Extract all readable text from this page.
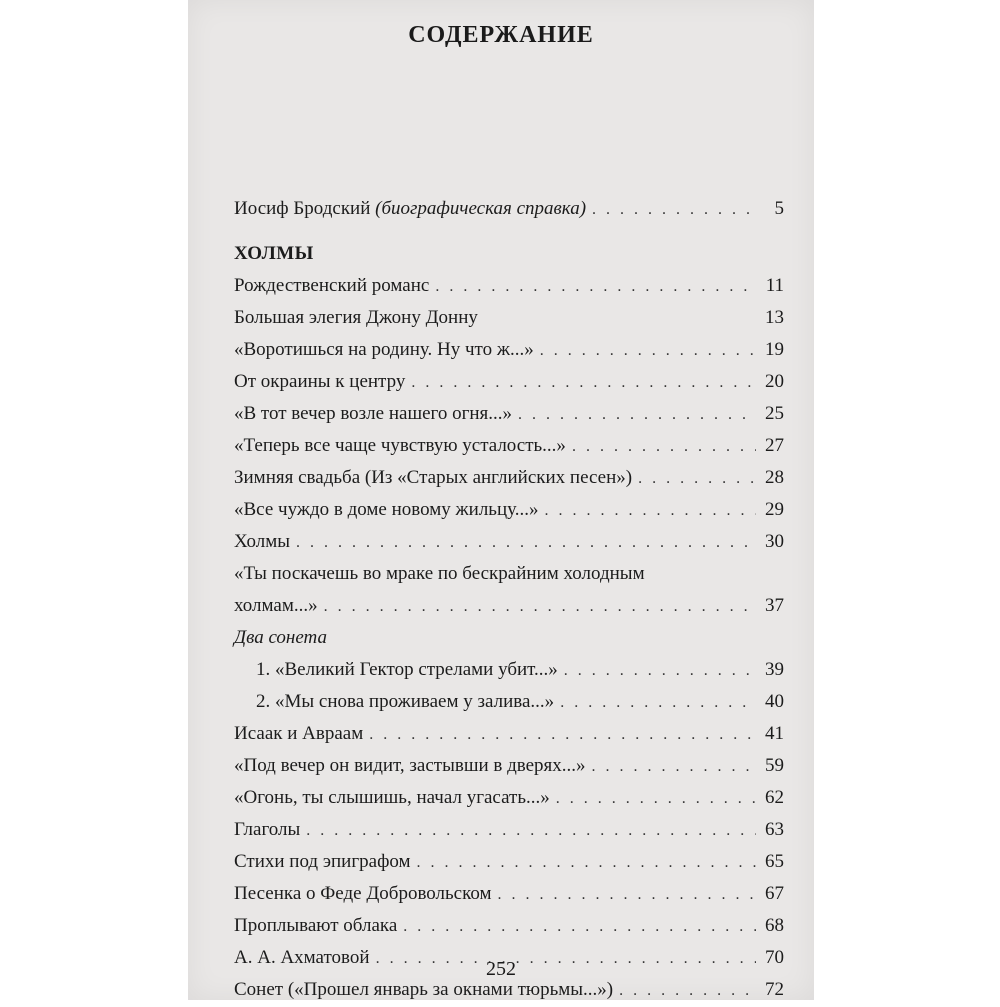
СОДЕРЖАНИЕ
Иосиф Бродский (биографическая справка) . . .	5
ХОЛМЫ
Рождественский романс . . .	11
Большая элегия Джону Донну	13
«Воротишься на родину. Ну что ж...» . . .	19
От окраины к центру . . .	20
«В тот вечер возле нашего огня...» . . .	25
«Теперь все чаще чувствую усталость...» . . .	27
Зимняя свадьба (Из «Старых английских песен») . . .	28
«Все чуждо в доме новому жильцу...» . . .	29
Холмы . . .	30
«Ты поскачешь во мраке по бескрайним холодным
холмам...» . . .	37
Два сонета
1. «Великий Гектор стрелами убит...» . . .	39
2. «Мы снова проживаем у залива...» . . .	40
Исаак и Авраам . . .	41
«Под вечер он видит, застывши в дверях...» . . .	59
«Огонь, ты слышишь, начал угасать...» . . .	62
Глаголы . . .	63
Стихи под эпиграфом . . .	65
Песенка о Феде Добровольском . . .	67
Проплывают облака . . .	68
А. А. Ахматовой . . .	70
Сонет («Прошел январь за окнами тюрьмы...») . . .	72
252
